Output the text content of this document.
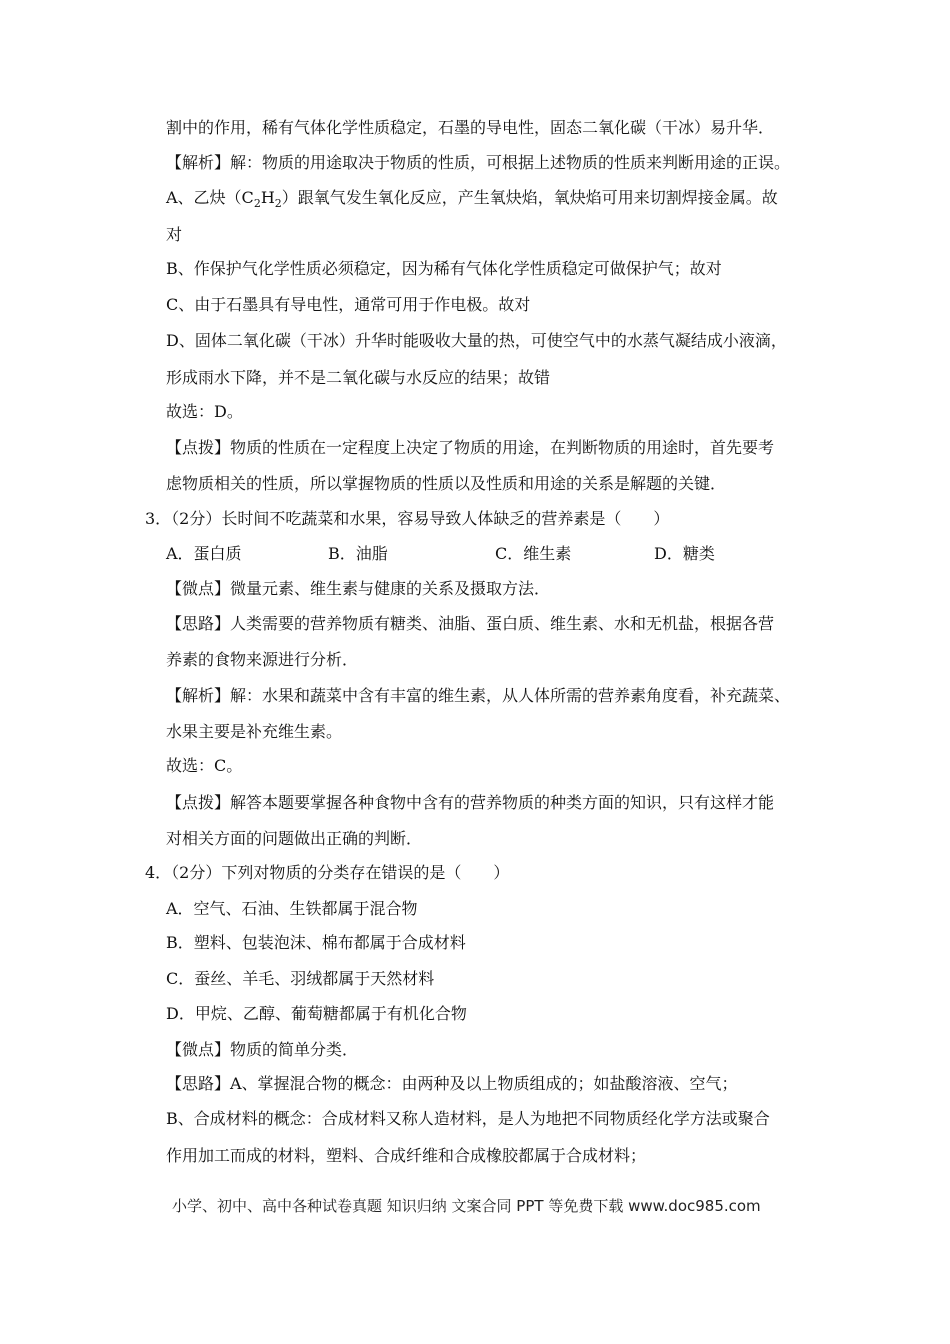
割中的作用，稀有气体化学性质稳定，石墨的导电性，固态二氧化碳（干冰）易升华．
【解析】解：物质的用途取决于物质的性质，可根据上述物质的性质来判断用途的正误。
A、乙炔$(C_2H_2)$跟氧气发生氧化反应，产生氧炔焰，氧炔焰可用来切割焊接金属。故
对
B、作保护气化学性质必须稳定，因为稀有气体化学性质稳定可做保护气；故对
C、由于石墨具有导电性，通常可用于作电极。故对
D、固体二氧化碳（干冰）升华时能吸收大量的热，可使空气中的水蒸气凝结成小液滴，
形成雨水下降，并不是二氧化碳与水反应的结果；故错
故选：D。
【点拨】物质的性质在一定程度上决定了物质的用途，在判断物质的用途时，首先要考
虑物质相关的性质，所以掌握物质的性质以及性质和用途的关系是解题的关键．
3．（2分）长时间不吃蔬菜和水果，容易导致人体缺乏的营养素是（　　）
A．蛋白质	B．油脂	C．维生素	D．糖类
【微点】微量元素、维生素与健康的关系及摄取方法．
【思路】人类需要的营养物质有糖类、油脂、蛋白质、维生素、水和无机盐，根据各营
养素的食物来源进行分析．
【解析】解：水果和蔬菜中含有丰富的维生素，从人体所需的营养素角度看，补充蔬菜、
水果主要是补充维生素。
故选：C。
【点拨】解答本题要掌握各种食物中含有的营养物质的种类方面的知识，只有这样才能
对相关方面的问题做出正确的判断．
4．（2分）下列对物质的分类存在错误的是（　　）
A．空气、石油、生铁都属于混合物
B．塑料、包装泡沫、棉布都属于合成材料
C．蚕丝、羊毛、羽绒都属于天然材料
D．甲烷、乙醇、葡萄糖都属于有机化合物
【微点】物质的简单分类．
【思路】A、掌握混合物的概念：由两种及以上物质组成的；如盐酸溶液、空气；
B、合成材料的概念：合成材料又称人造材料，是人为地把不同物质经化学方法或聚合
作用加工而成的材料，塑料、合成纤维和合成橡胶都属于合成材料；
小学、初中、高中各种试卷真题 知识归纳 文案合同 PPT 等免费下载 www.doc985.com
